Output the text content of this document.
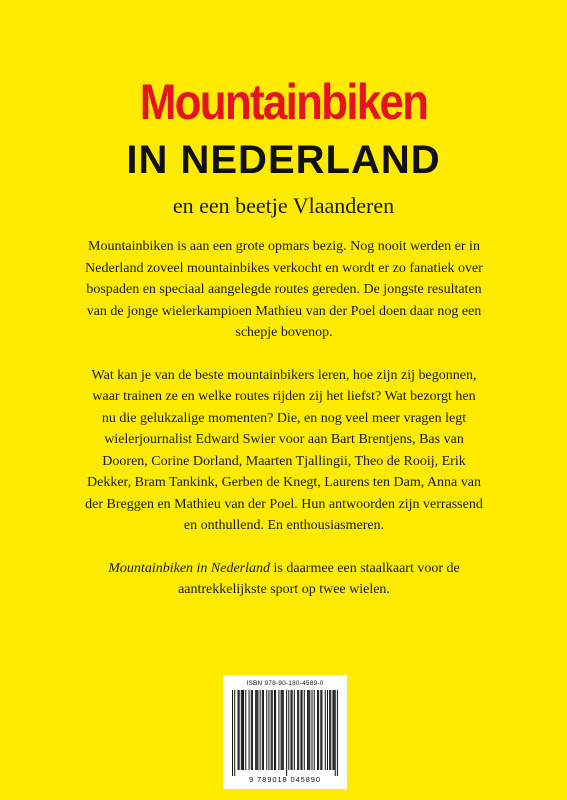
Mountainbiken
IN NEDERLAND
en een beetje Vlaanderen

Mountainbiken is aan een grote opmars bezig. Nog nooit werden er in Nederland zoveel mountainbikes verkocht en wordt er zo fanatiek over bospaden en speciaal aangelegde routes gereden. De jongste resultaten van de jonge wielerkampioen Mathieu van der Poel doen daar nog een schepje bovenop.

Wat kan je van de beste mountainbikers leren, hoe zijn zij begonnen, waar trainen ze en welke routes rijden zij het liefst? Wat bezorgt hen nu die gelukzalige momenten? Die, en nog veel meer vragen legt wielerjournalist Edward Swier voor aan Bart Brentjens, Bas van Dooren, Corine Dorland, Maarten Tjallingii, Theo de Rooij, Erik Dekker, Bram Tankink, Gerben de Knegt, Laurens ten Dam, Anna van der Breggen en Mathieu van der Poel. Hun antwoorden zijn verrassend en onthullend. En enthousiasmeren.

Mountainbiken in Nederland is daarmee een staalkaart voor de aantrekkelijkste sport op twee wielen.

ISBN 978-90-180-4589-0
9 789018 045890
